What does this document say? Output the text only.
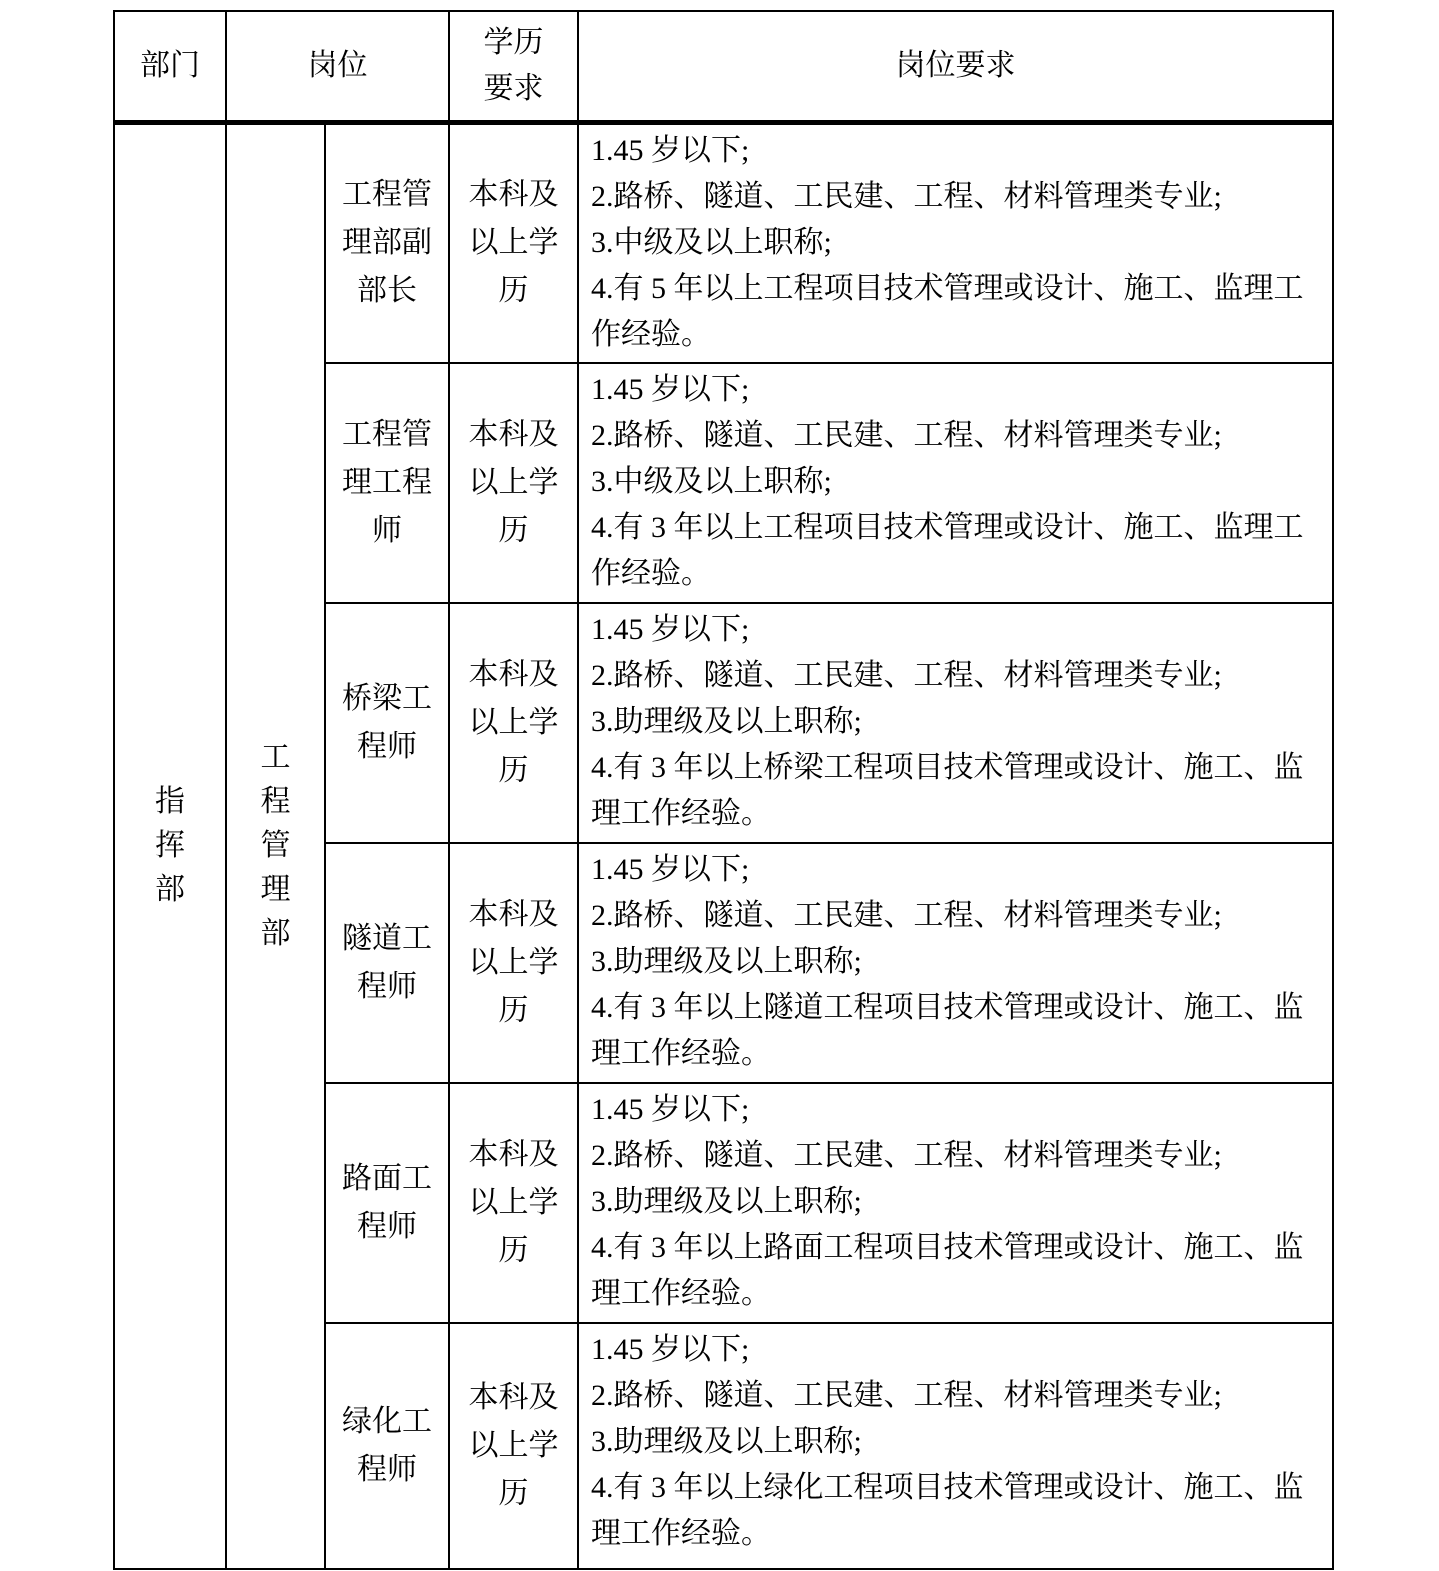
部门	岗位		学历要求	岗位要求
指挥部	工程管理部	工程管理部副部长	本科及以上学历	1.45 岁以下;

2.路桥、隧道、工民建、工程、材料管理类专业;

3.中级及以上职称;

4.有 5 年以上工程项目技术管理或设计、施工、监理工作经验。

		工程管理工程师	本科及以上学历	1.45 岁以下;

2.路桥、隧道、工民建、工程、材料管理类专业;

3.中级及以上职称;

4.有 3 年以上工程项目技术管理或设计、施工、监理工作经验。

		桥梁工程师	本科及以上学历	1.45 岁以下;

2.路桥、隧道、工民建、工程、材料管理类专业;

3.助理级及以上职称;

4.有 3 年以上桥梁工程项目技术管理或设计、施工、监理工作经验。

		隧道工程师	本科及以上学历	1.45 岁以下;

2.路桥、隧道、工民建、工程、材料管理类专业;

3.助理级及以上职称;

4.有 3 年以上隧道工程项目技术管理或设计、施工、监理工作经验。

		路面工程师	本科及以上学历	1.45 岁以下;

2.路桥、隧道、工民建、工程、材料管理类专业;

3.助理级及以上职称;

4.有 3 年以上路面工程项目技术管理或设计、施工、监理工作经验。

		绿化工程师	本科及以上学历	1.45 岁以下;

2.路桥、隧道、工民建、工程、材料管理类专业;

3.助理级及以上职称;

4.有 3 年以上绿化工程项目技术管理或设计、施工、监理工作经验。
